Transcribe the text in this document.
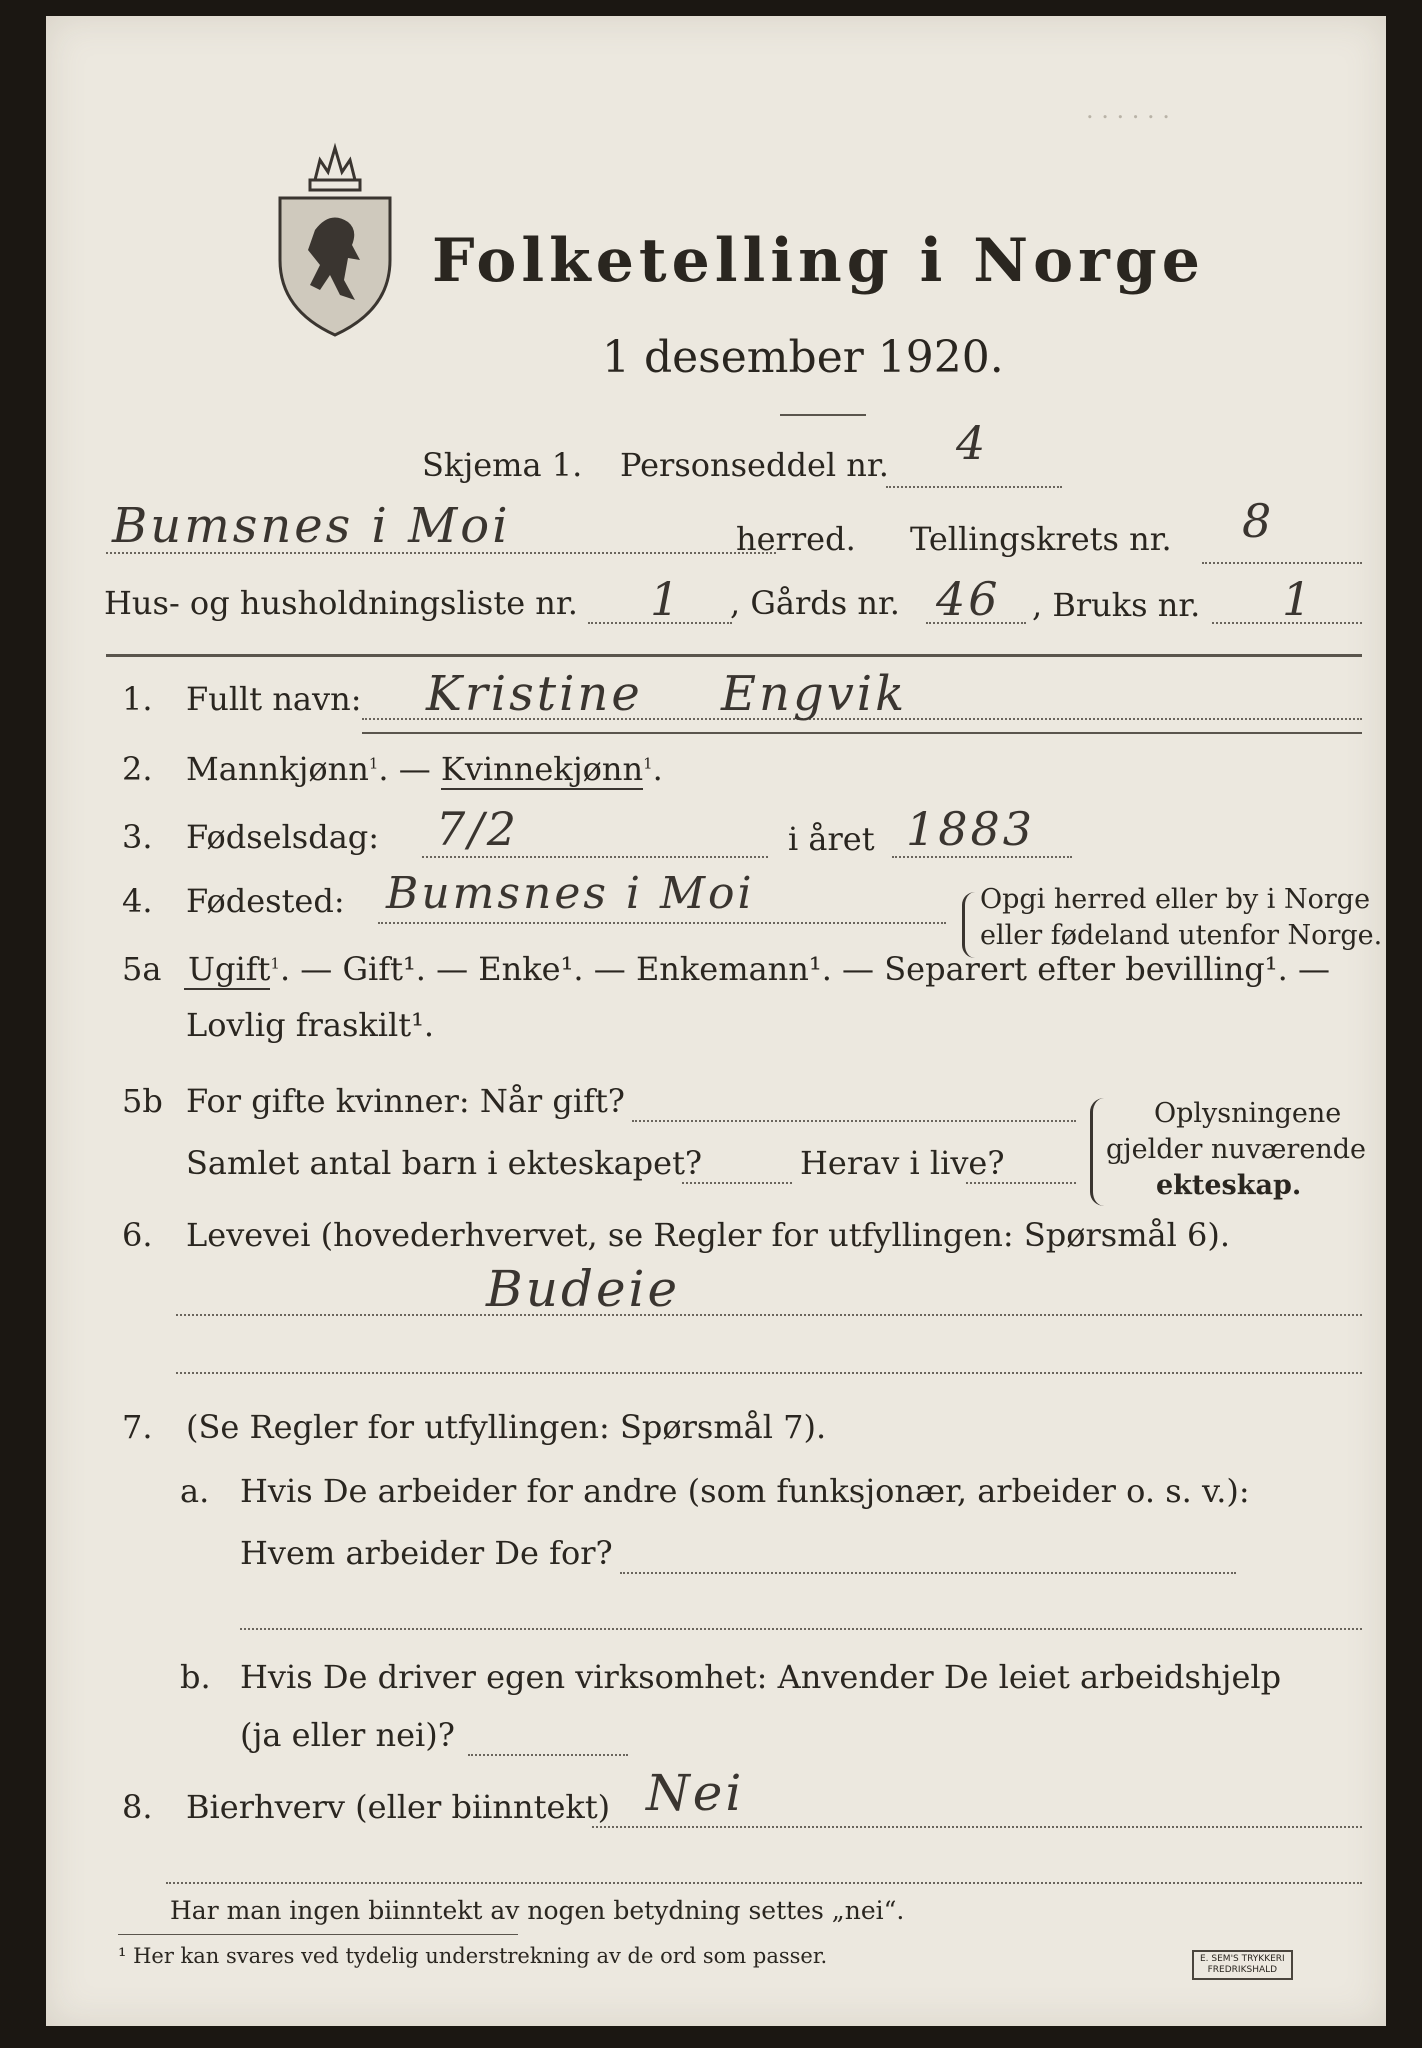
. . . . . .
Folketelling i Norge
1 desember 1920.
Skjema 1. Personseddel nr. 4
Bumsnes i Moi	herred. Tellingskrets nr. 8
Hus- og husholdningsliste nr. 1 , Gårds nr. 46 , Bruks nr. 1
1. Fullt navn: Kristine Engvik
2. Mannkjønn$^1$. — Kvinnekjønn$^1$.
3. Fødselsdag: 7/2	i året 1883
4. Fødested: Bumsnes i Moi	Opgi herred eller by i Norge
eller fødeland utenfor Norge.
5a Ugift$^1$. — Gift¹. — Enke¹. — Enkemann¹. — Separert efter bevilling¹. —
Lovlig fraskilt¹.
5b For gifte kvinner: Når gift?
Samlet antal barn i ekteskapet?	Herav i live?
Oplysningene
gjelder nuværende
ekteskap.
6. Levevei (hovederhvervet, se Regler for utfyllingen: Spørsmål 6).
Budeie
7. (Se Regler for utfyllingen: Spørsmål 7).
a. Hvis De arbeider for andre (som funksjonær, arbeider o. s. v.):
Hvem arbeider De for?
b. Hvis De driver egen virksomhet: Anvender De leiet arbeidshjelp
(ja eller nei)?
8. Bierhverv (eller biinntekt) Nei
Har man ingen biinntekt av nogen betydning settes „nei“.
¹ Her kan svares ved tydelig understrekning av de ord som passer.	E. SEM'S TRYKKERI
FREDRIKSHALD
